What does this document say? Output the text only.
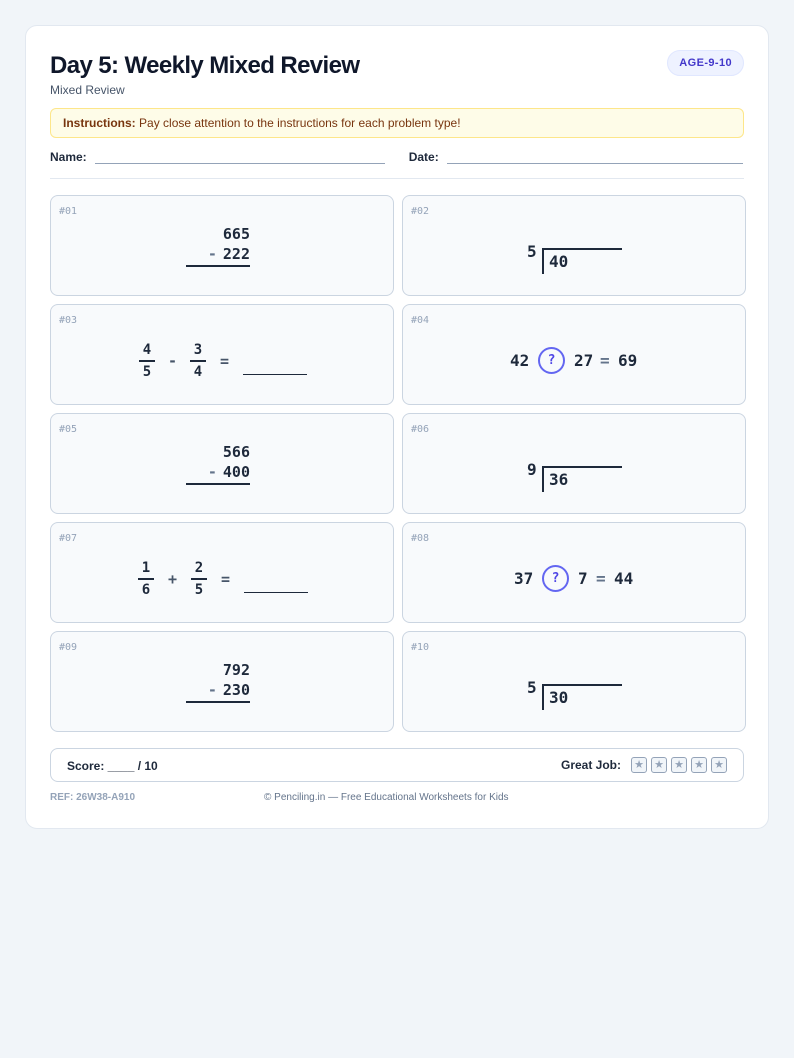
Day 5: Weekly Mixed Review
Mixed Review
AGE-9-10
Instructions: Pay close attention to the instructions for each problem type!
Name:	Date:
#01
665
- 222
#02
5
40
#03
4
5
-
3
4
=
#04
42	?	27 = 69
#05
566
- 400
#06
9
36
#07
1
6
+
2
5
=
#08
37	?	7 = 44
#09
792
- 230
#10
5
30
Score: ____ / 10	Great Job: ★ ★ ★ ★ ★
REF: 26W38-A910	© Penciling.in — Free Educational Worksheets for Kids
